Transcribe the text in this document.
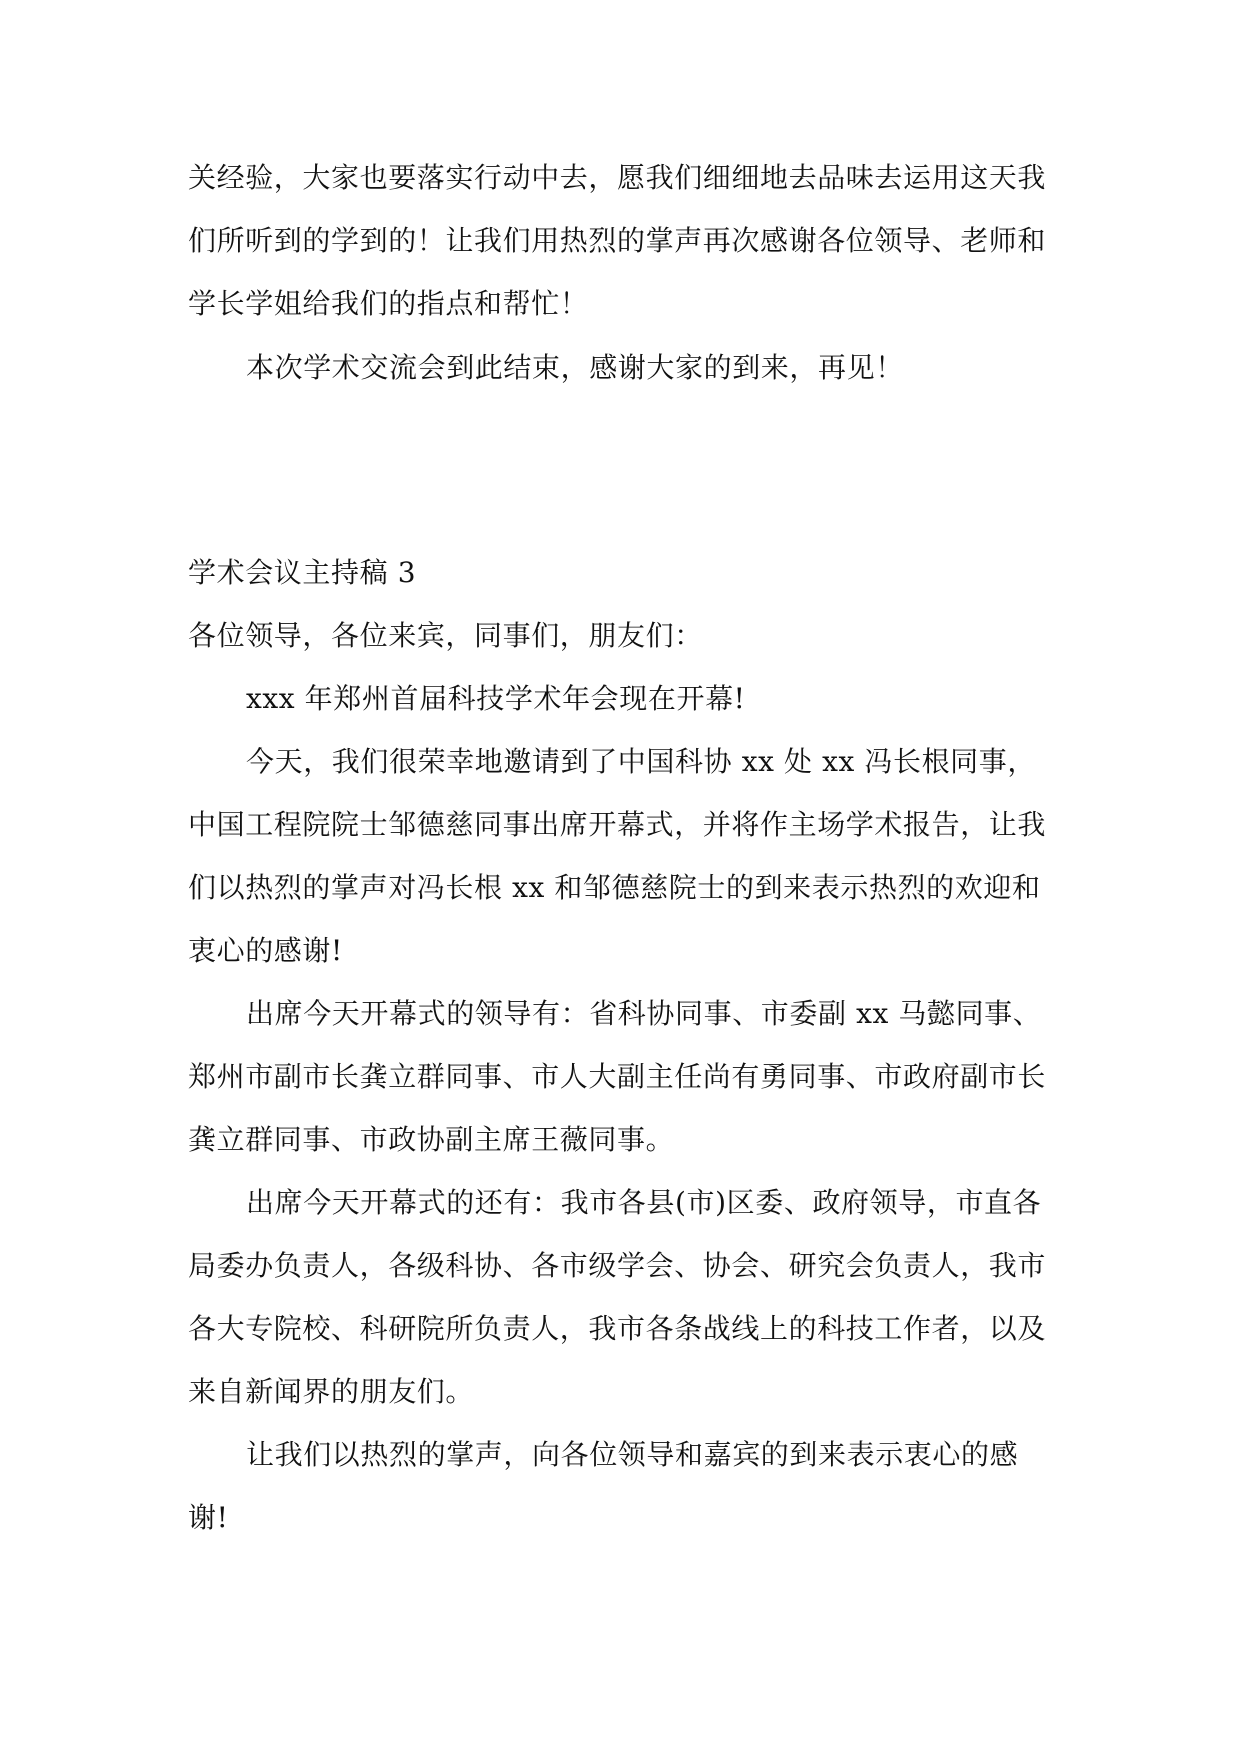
关经验，大家也要落实行动中去，愿我们细细地去品味去运用这天我们所听到的学到的！让我们用热烈的掌声再次感谢各位领导、老师和学长学姐给我们的指点和帮忙！

本次学术交流会到此结束，感谢大家的到来，再见！

学术会议主持稿 3

各位领导，各位来宾，同事们，朋友们：

xxx 年郑州首届科技学术年会现在开幕!

今天，我们很荣幸地邀请到了中国科协 xx 处 xx 冯长根同事，中国工程院院士邹德慈同事出席开幕式，并将作主场学术报告，让我们以热烈的掌声对冯长根 xx 和邹德慈院士的到来表示热烈的欢迎和衷心的感谢!

出席今天开幕式的领导有：省科协同事、市委副 xx 马懿同事、郑州市副市长龚立群同事、市人大副主任尚有勇同事、市政府副市长龚立群同事、市政协副主席王薇同事。

出席今天开幕式的还有：我市各县(市)区委、政府领导，市直各局委办负责人，各级科协、各市级学会、协会、研究会负责人，我市各大专院校、科研院所负责人，我市各条战线上的科技工作者，以及来自新闻界的朋友们。

让我们以热烈的掌声，向各位领导和嘉宾的到来表示衷心的感谢!
